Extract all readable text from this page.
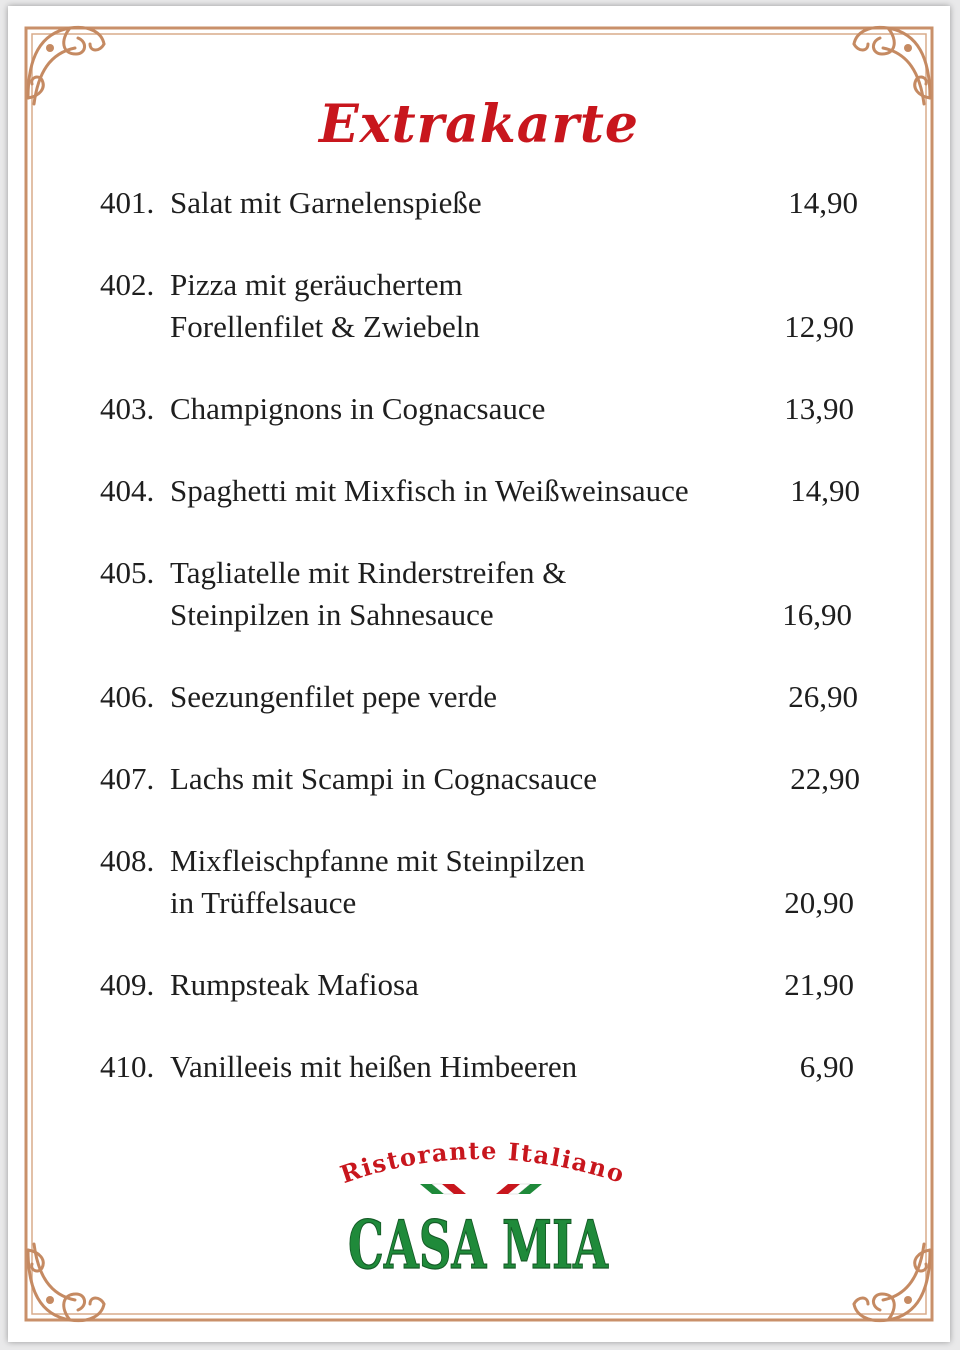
Extrakarte
401. Salat mit Garnelenspieße	14,90
402. Pizza mit geräuchertem
Forellenfilet & Zwiebeln	12,90
403. Champignons in Cognacsauce	13,90
404. Spaghetti mit Mixfisch in Weißweinsauce	14,90
405. Tagliatelle mit Rinderstreifen &
Steinpilzen in Sahnesauce	16,90
406. Seezungenfilet pepe verde	26,90
407. Lachs mit Scampi in Cognacsauce	22,90
408. Mixfleischpfanne mit Steinpilzen
in Trüffelsauce	20,90
409. Rumpsteak Mafiosa	21,90
410. Vanilleeis mit heißen Himbeeren	6,90
Ristorante Italiano
CASA MIA
